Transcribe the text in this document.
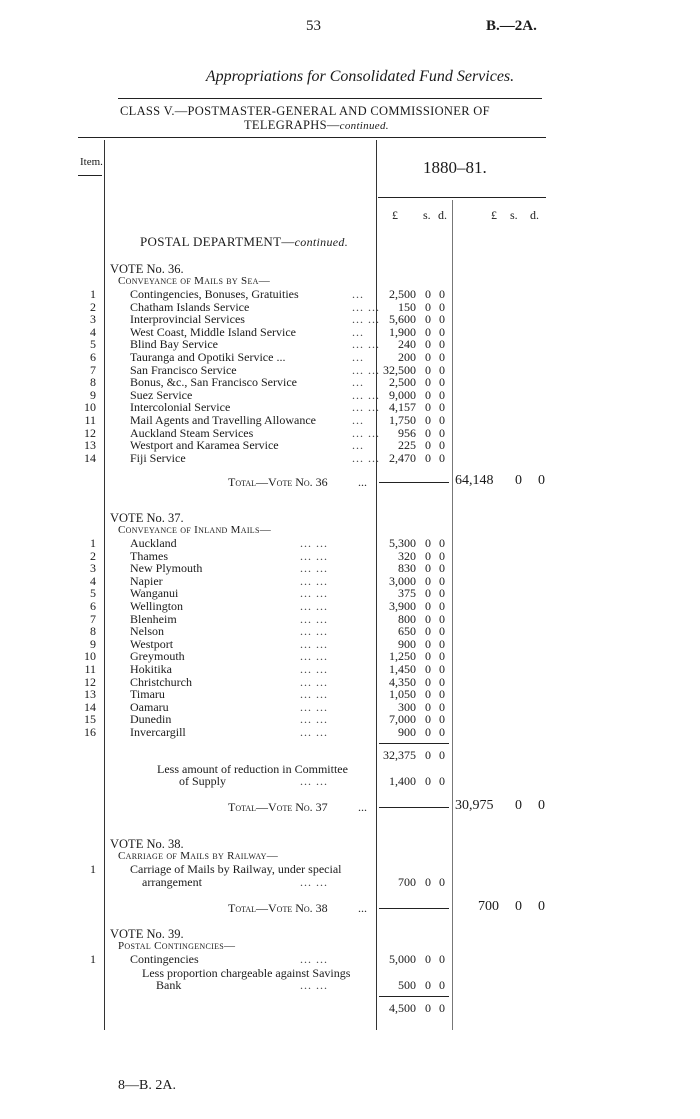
53	B.—2A.
Appropriations for Consolidated Fund Services.
CLASS V.—POSTMASTER-GENERAL AND COMMISSIONER OF
TELEGRAPHS—continued.
Item.	1880–81.
£ s. d.	£ s. d.
POSTAL DEPARTMENT—continued.
VOTE No. 36.
Conveyance of Mails by Sea—
1	Contingencies, Bonuses, Gratuities	...	2,500 0 0
2	Chatham Islands Service	... ...	150 0 0
3	Interprovincial Services	... ... 5,600 0 0
4	West Coast, Middle Island Service	...	1,900 0 0
5	Blind Bay Service	... ...	240 0 0
6	Tauranga and Opotiki Service ...	...	200 0 0
7	San Francisco Service	... ... 32,500 0 0
8	Bonus, &c., San Francisco Service	...	2,500 0 0
9	Suez Service	... ... 9,000 0 0
10	Intercolonial Service	... ... 4,157 0 0
11	Mail Agents and Travelling Allowance	...	1,750 0 0
12	Auckland Steam Services	... ...	956 0 0
13	Westport and Karamea Service	...	225 0 0
14	Fiji Service	... ... 2,470 0 0
Total—Vote No. 36	...	64,148 0 0
VOTE No. 37.
Conveyance of Inland Mails—
1	Auckland	... ...	5,300 0 0
2	Thames	... ...	320 0 0
3	New Plymouth	... ...	830 0 0
4	Napier	... ...	3,000 0 0
5	Wanganui	... ...	375 0 0
6	Wellington	... ...	3,900 0 0
7	Blenheim	... ...	800 0 0
8	Nelson	... ...	650 0 0
9	Westport	... ...	900 0 0
10	Greymouth	... ...	1,250 0 0
11	Hokitika	... ...	1,450 0 0
12	Christchurch	... ...	4,350 0 0
13	Timaru	... ...	1,050 0 0
14	Oamaru	... ...	300 0 0
15	Dunedin	... ...	7,000 0 0
16	Invercargill	... ...	900 0 0
32,375 0 0
Less amount of reduction in Committee
of Supply	... ...	1,400 0 0
Total—Vote No. 37	...	30,975 0 0
VOTE No. 38.
Carriage of Mails by Railway—
1	Carriage of Mails by Railway, under special
arrangement	... ...	700 0 0
Total—Vote No. 38	...	700 0 0
VOTE No. 39.
Postal Contingencies—
1	Contingencies	... ...	5,000 0 0
Less proportion chargeable against Savings
Bank	... ...	500 0 0
4,500 0 0
8—B. 2A.
